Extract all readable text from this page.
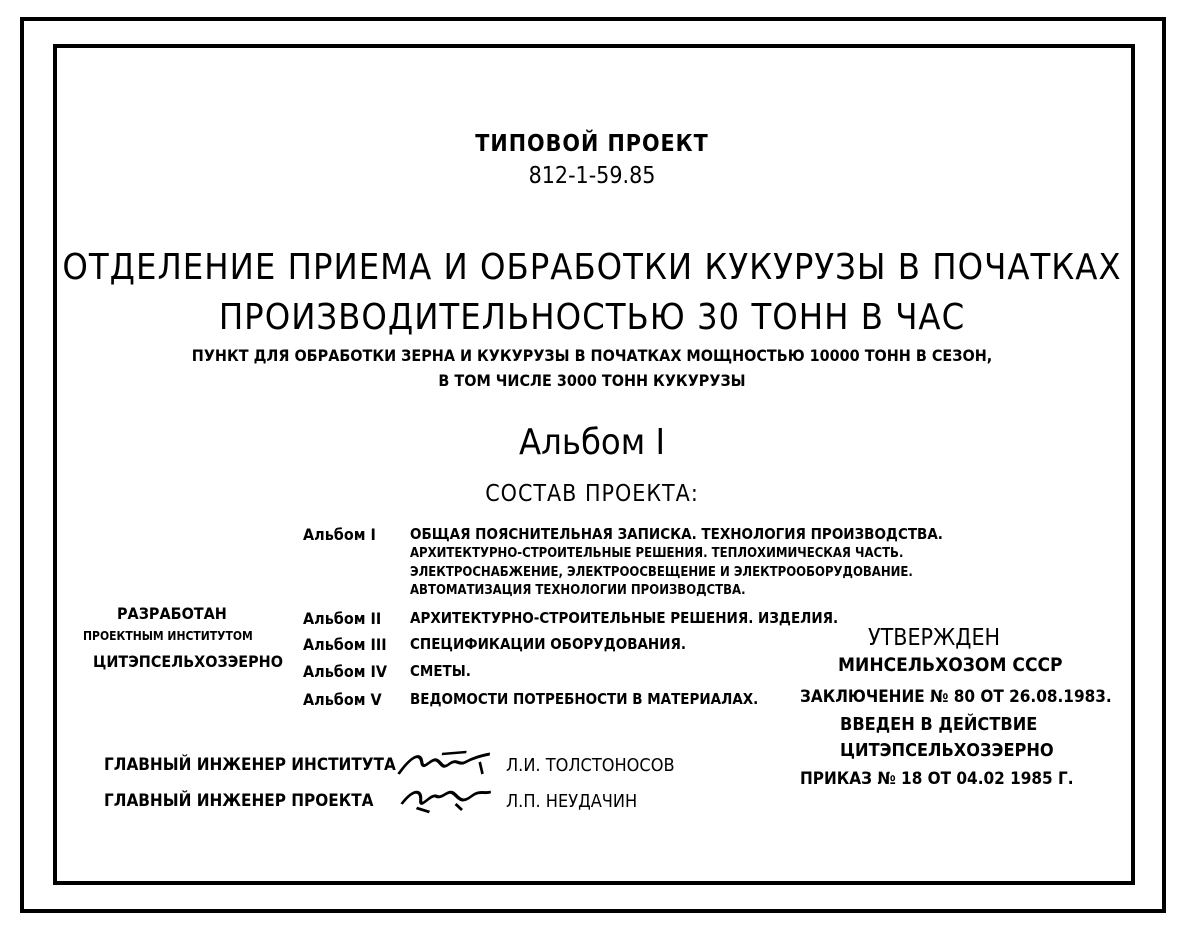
ТИПОВОЙ ПРОЕКТ
812-1-59.85
ОТДЕЛЕНИЕ ПРИЕМА И ОБРАБОТКИ КУКУРУЗЫ В ПОЧАТКАХ
ПРОИЗВОДИТЕЛЬНОСТЬЮ 30 ТОНН В ЧАС
ПУНКТ ДЛЯ ОБРАБОТКИ ЗЕРНА И КУКУРУЗЫ В ПОЧАТКАХ МОЩНОСТЬЮ 10000 ТОНН В СЕЗОН,
В ТОМ ЧИСЛЕ 3000 ТОНН КУКУРУЗЫ
Альбом I
СОСТАВ ПРОЕКТА:
Альбом I ОБЩАЯ ПОЯСНИТЕЛЬНАЯ ЗАПИСКА. ТЕХНОЛОГИЯ ПРОИЗВОДСТВА.
АРХИТЕКТУРНО-СТРОИТЕЛЬНЫЕ РЕШЕНИЯ. ТЕПЛОХИМИЧЕСКАЯ ЧАСТЬ.
ЭЛЕКТРОСНАБЖЕНИЕ, ЭЛЕКТРООСВЕЩЕНИЕ И ЭЛЕКТРООБОРУДОВАНИЕ.
АВТОМАТИЗАЦИЯ ТЕХНОЛОГИИ ПРОИЗВОДСТВА.
Альбом II АРХИТЕКТУРНО-СТРОИТЕЛЬНЫЕ РЕШЕНИЯ. ИЗДЕЛИЯ.
Альбом III СПЕЦИФИКАЦИИ ОБОРУДОВАНИЯ.
Альбом IV СМЕТЫ.
Альбом V ВЕДОМОСТИ ПОТРЕБНОСТИ В МАТЕРИАЛАХ.
РАЗРАБОТАН
ПРОЕКТНЫМ ИНСТИТУТОМ
ЦИТЭПСЕЛЬХОЗЭЕРНО
УТВЕРЖДЕН
МИНСЕЛЬХОЗОМ СССР
ЗАКЛЮЧЕНИЕ № 80 ОТ 26.08.1983.
ВВЕДЕН В ДЕЙСТВИЕ
ЦИТЭПСЕЛЬХОЗЭЕРНО
ПРИКАЗ № 18 ОТ 04.02 1985 Г.
ГЛАВНЫЙ ИНЖЕНЕР ИНСТИТУТА	Л.И. ТОЛСТОНОСОВ
ГЛАВНЫЙ ИНЖЕНЕР ПРОЕКТА	Л.П. НЕУДАЧИН
